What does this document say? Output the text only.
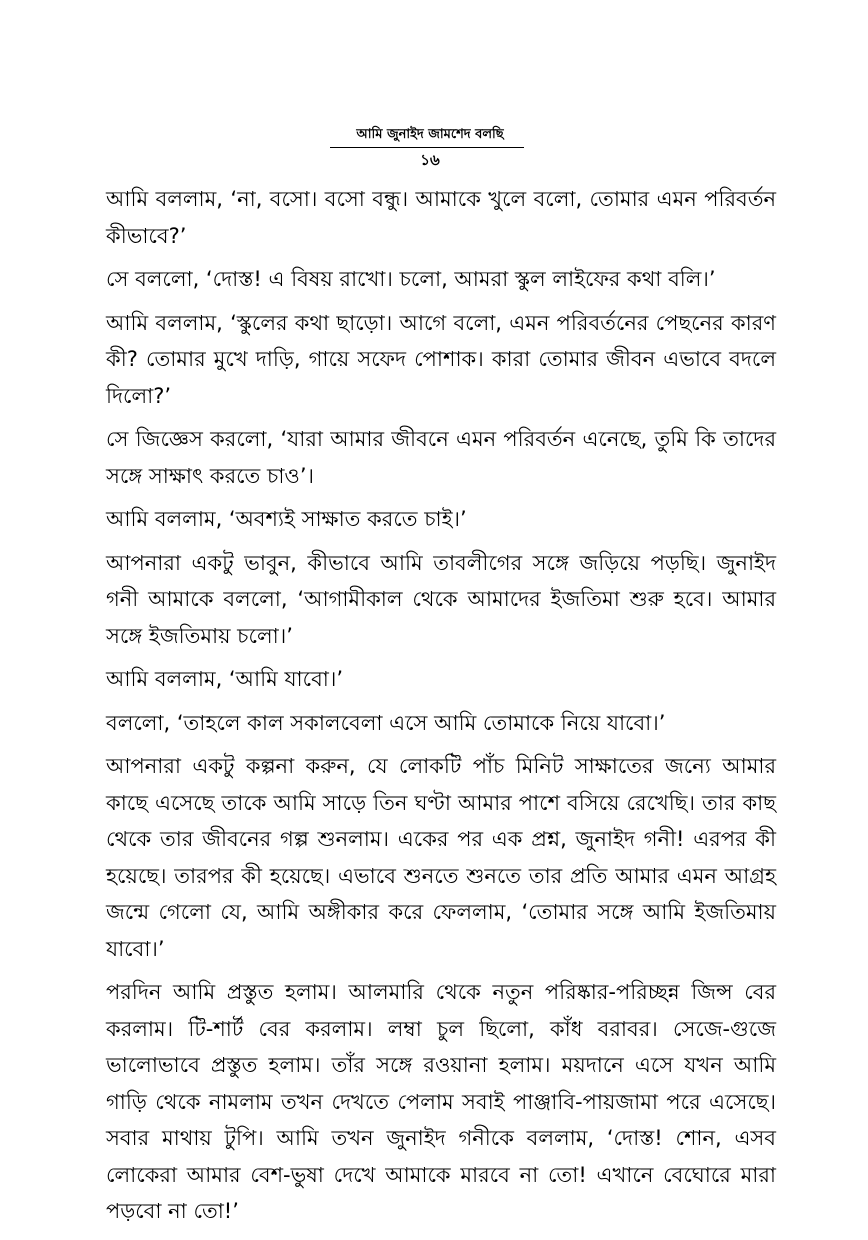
আমি জুনাইদ জামশেদ বলছি
১৬

আমি বললাম, ‘না, বসো। বসো বন্ধু। আমাকে খুলে বলো, তোমার এমন পরিবর্তন কীভাবে?’

সে বললো, ‘দোস্ত! এ বিষয় রাখো। চলো, আমরা স্কুল লাইফের কথা বলি।’

আমি বললাম, ‘স্কুলের কথা ছাড়ো। আগে বলো, এমন পরিবর্তনের পেছনের কারণ কী? তোমার মুখে দাড়ি, গায়ে সফেদ পোশাক। কারা তোমার জীবন এভাবে বদলে দিলো?’

সে জিজ্ঞেস করলো, ‘যারা আমার জীবনে এমন পরিবর্তন এনেছে, তুমি কি তাদের সঙ্গে সাক্ষাৎ করতে চাও’।

আমি বললাম, ‘অবশ্যই সাক্ষাত করতে চাই।’

আপনারা একটু ভাবুন, কীভাবে আমি তাবলীগের সঙ্গে জড়িয়ে পড়ছি। জুনাইদ গনী আমাকে বললো, ‘আগামীকাল থেকে আমাদের ইজতিমা শুরু হবে। আমার সঙ্গে ইজতিমায় চলো।’

আমি বললাম, ‘আমি যাবো।’

বললো, ‘তাহলে কাল সকালবেলা এসে আমি তোমাকে নিয়ে যাবো।’

আপনারা একটু কল্পনা করুন, যে লোকটি পাঁচ মিনিট সাক্ষাতের জন্যে আমার কাছে এসেছে তাকে আমি সাড়ে তিন ঘণ্টা আমার পাশে বসিয়ে রেখেছি। তার কাছ থেকে তার জীবনের গল্প শুনলাম। একের পর এক প্রশ্ন, জুনাইদ গনী! এরপর কী হয়েছে। তারপর কী হয়েছে। এভাবে শুনতে শুনতে তার প্রতি আমার এমন আগ্রহ জন্মে গেলো যে, আমি অঙ্গীকার করে ফেললাম, ‘তোমার সঙ্গে আমি ইজতিমায় যাবো।’

পরদিন আমি প্রস্তুত হলাম। আলমারি থেকে নতুন পরিষ্কার-পরিচ্ছন্ন জিন্স বের করলাম। টি-শার্ট বের করলাম। লম্বা চুল ছিলো, কাঁধ বরাবর। সেজে-গুজে ভালোভাবে প্রস্তুত হলাম। তাঁর সঙ্গে রওয়ানা হলাম। ময়দানে এসে যখন আমি গাড়ি থেকে নামলাম তখন দেখতে পেলাম সবাই পাঞ্জাবি-পায়জামা পরে এসেছে। সবার মাথায় টুপি। আমি তখন জুনাইদ গনীকে বললাম, ‘দোস্ত! শোন, এসব লোকেরা আমার বেশ-ভুষা দেখে আমাকে মারবে না তো! এখানে বেঘোরে মারা পড়বো না তো!’
